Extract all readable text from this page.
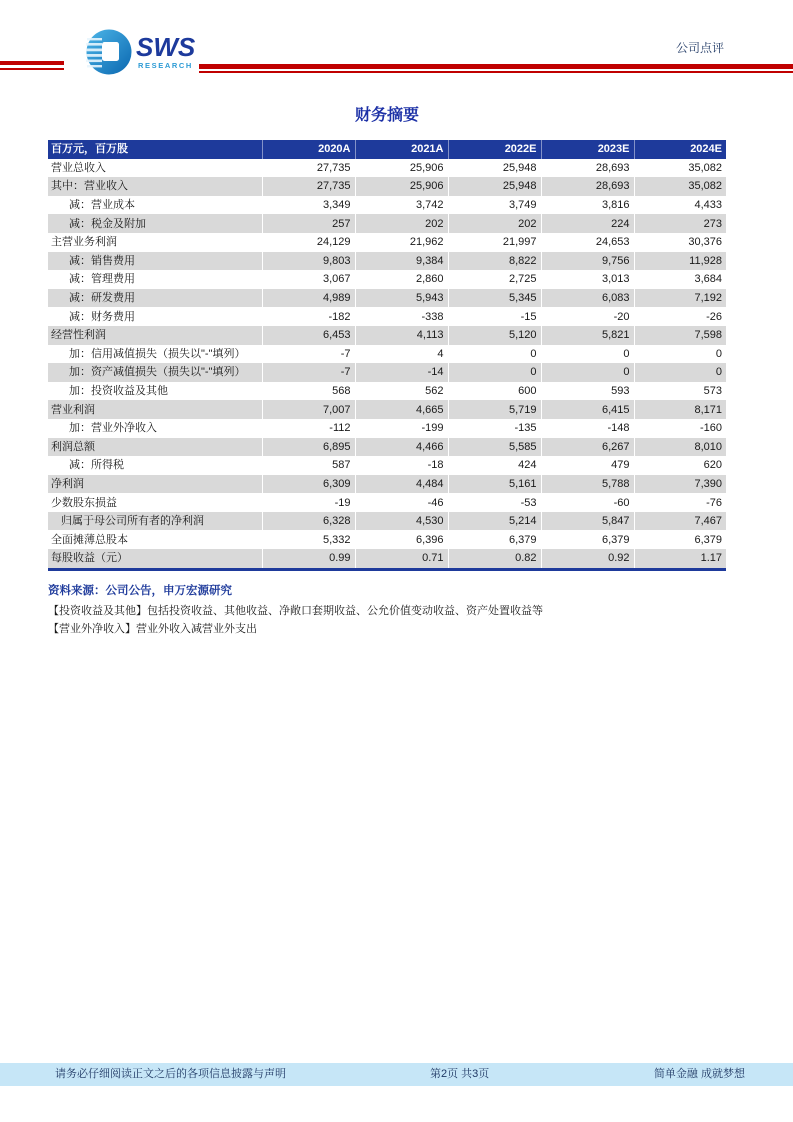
SWS
RESEARCH
公司点评
财务摘要
百万元，百万股	2020A	2021A	2022E	2023E	2024E
营业总收入	27,735	25,906	25,948	28,693	35,082
其中：营业收入	27,735	25,906	25,948	28,693	35,082
减：营业成本	3,349	3,742	3,749	3,816	4,433
减：税金及附加	257	202	202	224	273
主营业务利润	24,129	21,962	21,997	24,653	30,376
减：销售费用	9,803	9,384	8,822	9,756	11,928
减：管理费用	3,067	2,860	2,725	3,013	3,684
减：研发费用	4,989	5,943	5,345	6,083	7,192
减：财务费用	-182	-338	-15	-20	-26
经营性利润	6,453	4,113	5,120	5,821	7,598
加：信用减值损失（损失以"-"填列）	-7	4	0	0	0
加：资产减值损失（损失以"-"填列）	-7	-14	0	0	0
加：投资收益及其他	568	562	600	593	573
营业利润	7,007	4,665	5,719	6,415	8,171
加：营业外净收入	-112	-199	-135	-148	-160
利润总额	6,895	4,466	5,585	6,267	8,010
减：所得税	587	-18	424	479	620
净利润	6,309	4,484	5,161	5,788	7,390
少数股东损益	-19	-46	-53	-60	-76
归属于母公司所有者的净利润	6,328	4,530	5,214	5,847	7,467
全面摊薄总股本	5,332	6,396	6,379	6,379	6,379
每股收益（元）	0.99	0.71	0.82	0.92	1.17
资料来源：公司公告，申万宏源研究
【投资收益及其他】包括投资收益、其他收益、净敞口套期收益、公允价值变动收益、资产处置收益等
【营业外净收入】营业外收入减营业外支出
请务必仔细阅读正文之后的各项信息披露与声明	第2页 共3页	简单金融 成就梦想
